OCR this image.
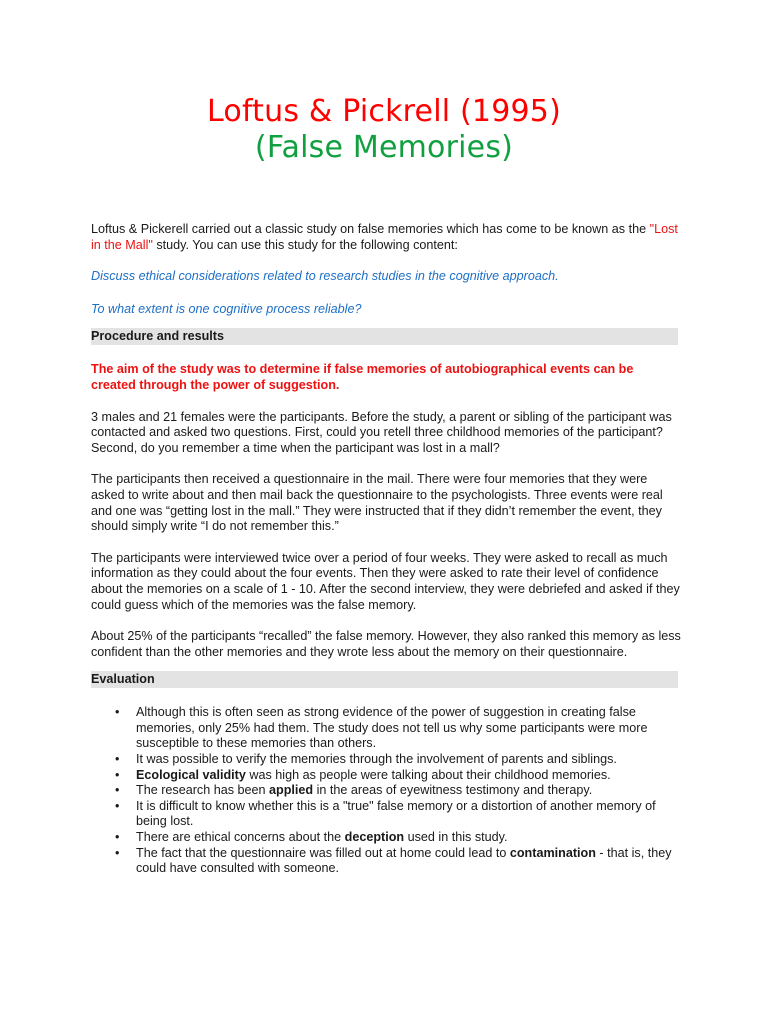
Loftus & Pickrell (1995)
(False Memories)

Loftus & Pickerell carried out a classic study on false memories which has come to be known as the "Lost in the Mall" study. You can use this study for the following content:

Discuss ethical considerations related to research studies in the cognitive approach.

To what extent is one cognitive process reliable?

Procedure and results

The aim of the study was to determine if false memories of autobiographical events can be created through the power of suggestion.

3 males and 21 females were the participants. Before the study, a parent or sibling of the participant was contacted and asked two questions. First, could you retell three childhood memories of the participant? Second, do you remember a time when the participant was lost in a mall?

The participants then received a questionnaire in the mail. There were four memories that they were asked to write about and then mail back the questionnaire to the psychologists. Three events were real and one was “getting lost in the mall.” They were instructed that if they didn’t remember the event, they should simply write “I do not remember this.”

The participants were interviewed twice over a period of four weeks. They were asked to recall as much information as they could about the four events. Then they were asked to rate their level of confidence about the memories on a scale of 1 - 10. After the second interview, they were debriefed and asked if they could guess which of the memories was the false memory.

About 25% of the participants “recalled” the false memory. However, they also ranked this memory as less confident than the other memories and they wrote less about the memory on their questionnaire.

Evaluation
• Although this is often seen as strong evidence of the power of suggestion in creating false memories, only 25% had them. The study does not tell us why some participants were more susceptible to these memories than others.
• It was possible to verify the memories through the involvement of parents and siblings.
• Ecological validity was high as people were talking about their childhood memories.
• The research has been applied in the areas of eyewitness testimony and therapy.
• It is difficult to know whether this is a "true" false memory or a distortion of another memory of being lost.
• There are ethical concerns about the deception used in this study.
• The fact that the questionnaire was filled out at home could lead to contamination - that is, they could have consulted with someone.
